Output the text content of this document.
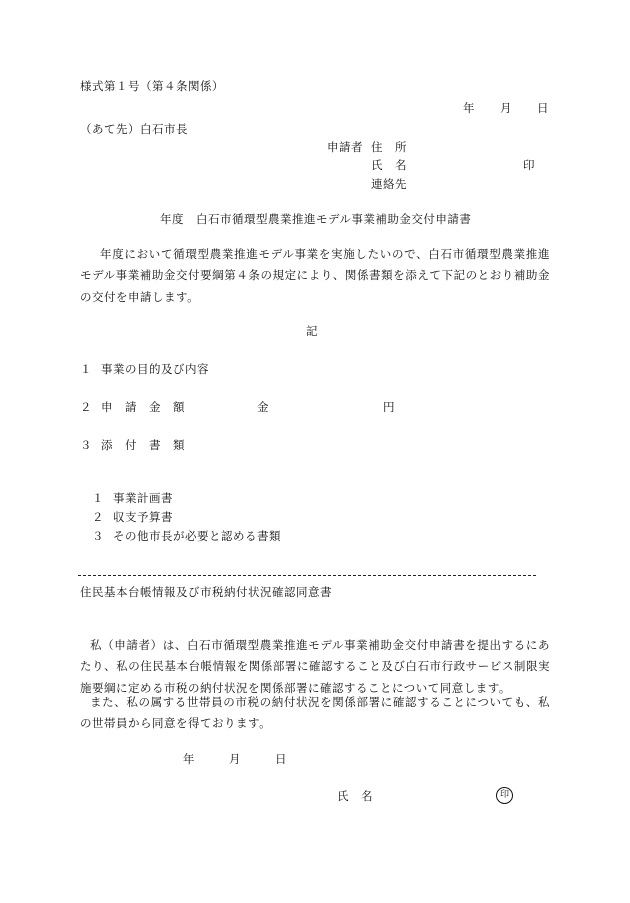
様式第１号（第４条関係）
年 月 日
（あて先）白石市長
申請者 住　所
氏　名	印
連絡先
年度　白石市循環型農業推進モデル事業補助金交付申請書
年度において循環型農業推進モデル事業を実施したいので、白石市循環型農業推進モデル事業補助金交付要綱第４条の規定により、関係書類を添えて下記のとおり補助金の交付を申請します。
記
１ 事業の目的及び内容
２ 申　請　金　額	金	円
３ 添　付　書　類
１ 事業計画書
２ 収支予算書
３ その他市長が必要と認める書類
住民基本台帳情報及び市税納付状況確認同意書
私（申請者）は、白石市循環型農業推進モデル事業補助金交付申請書を提出するにあたり、私の住民基本台帳情報を関係部署に確認すること及び白石市行政サービス制限実施要綱に定める市税の納付状況を関係部署に確認することについて同意します。
また、私の属する世帯員の市税の納付状況を関係部署に確認することについても、私の世帯員から同意を得ております。
年	月	日
氏　名	印
